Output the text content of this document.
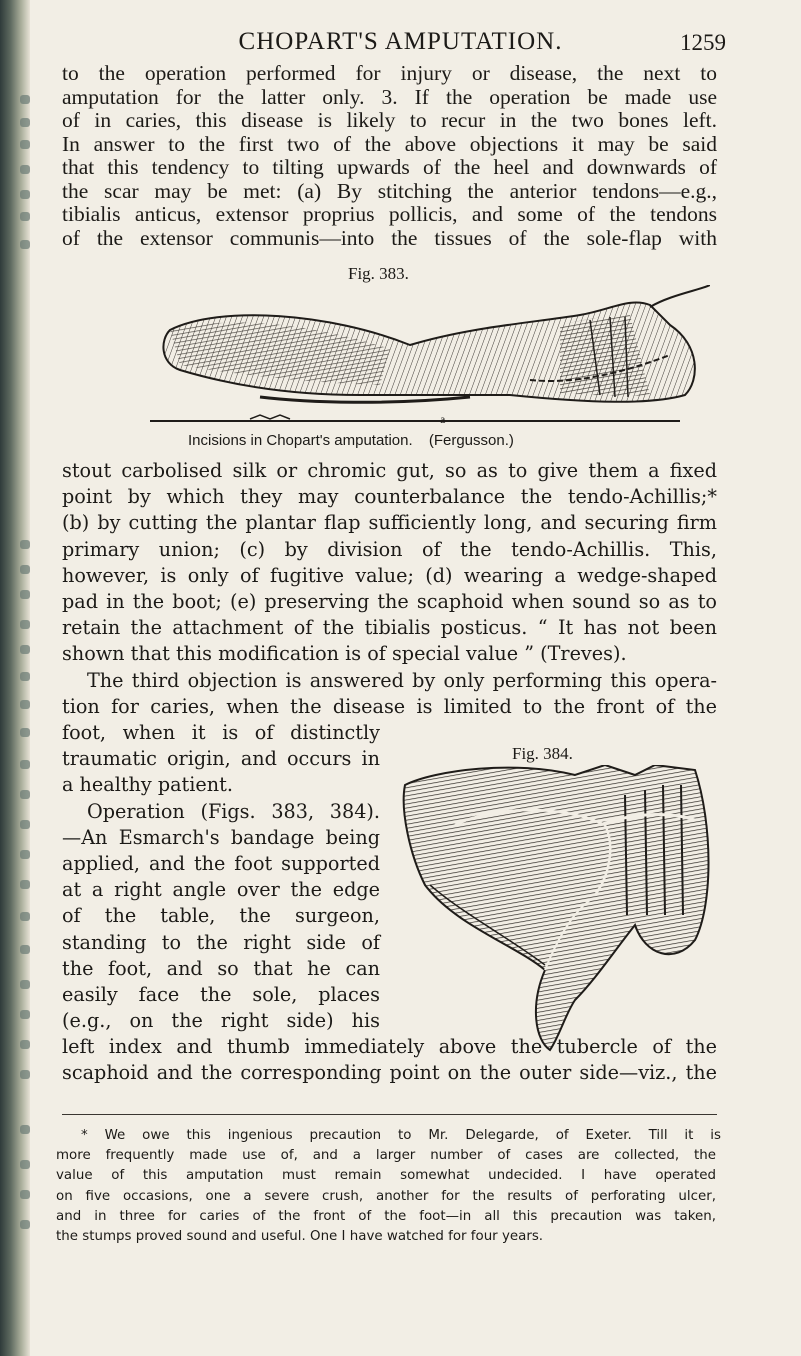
CHOPART'S AMPUTATION.	1259
to the operation performed for injury or disease, the next to
amputation for the latter only. 3. If the operation be made use
of in caries, this disease is likely to recur in the two bones left.
In answer to the first two of the above objections it may be said
that this tendency to tilting upwards of the heel and downwards of
the scar may be met: (a) By stitching the anterior tendons—e.g.,
tibialis anticus, extensor proprius pollicis, and some of the tendons
of the extensor communis—into the tissues of the sole-flap with
Fig. 383.
a
Incisions in Chopart's amputation. (Fergusson.)
stout carbolised silk or chromic gut, so as to give them a fixed
point by which they may counterbalance the tendo-Achillis;*
(b) by cutting the plantar flap sufficiently long, and securing firm
primary union; (c) by division of the tendo-Achillis. This,
however, is only of fugitive value; (d) wearing a wedge-shaped
pad in the boot; (e) preserving the scaphoid when sound so as to
retain the attachment of the tibialis posticus. “ It has not been
shown that this modification is of special value ” (Treves).
The third objection is answered by only performing this opera-
tion for caries, when the disease is limited to the front of the
foot, when it is of distinctly
traumatic origin, and occurs in
a healthy patient.
Operation (Figs. 383, 384).
—An Esmarch's bandage being
applied, and the foot supported
at a right angle over the edge
of the table, the surgeon,
standing to the right side of
the foot, and so that he can
easily face the sole, places
(e.g., on the right side) his
left index and thumb immediately above the tubercle of the
scaphoid and the corresponding point on the outer side—viz., the
Fig. 384.
* We owe this ingenious precaution to Mr. Delegarde, of Exeter. Till it is
more frequently made use of, and a larger number of cases are collected, the
value of this amputation must remain somewhat undecided. I have operated
on five occasions, one a severe crush, another for the results of perforating ulcer,
and in three for caries of the front of the foot—in all this precaution was taken,
the stumps proved sound and useful. One I have watched for four years.
